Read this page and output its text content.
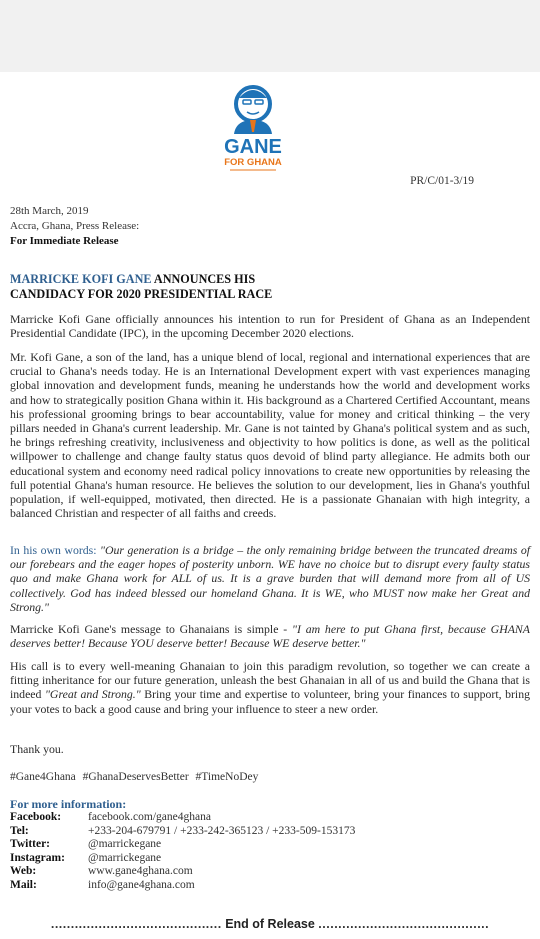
GANE
FOR GHANA
PR/C/01-3/19
28th March, 2019
Accra, Ghana, Press Release:
For Immediate Release
MARRICKE KOFI GANE ANNOUNCES HIS
CANDIDACY FOR 2020 PRESIDENTIAL RACE
Marricke Kofi Gane officially announces his intention to run for President of Ghana as an Independent Presidential Candidate (IPC), in the upcoming December 2020 elections.
Mr. Kofi Gane, a son of the land, has a unique blend of local, regional and international experiences that are crucial to Ghana's needs today. He is an International Development expert with vast experiences managing global innovation and development funds, meaning he understands how the world and development works and how to strategically position Ghana within it. His background as a Chartered Certified Accountant, means his professional grooming brings to bear accountability, value for money and critical thinking – the very pillars needed in Ghana's current leadership. Mr. Gane is not tainted by Ghana's political system and as such, he brings refreshing creativity, inclusiveness and objectivity to how politics is done, as well as the political willpower to challenge and change faulty status quos devoid of blind party allegiance. He admits both our educational system and economy need radical policy innovations to create new opportunities by releasing the full potential Ghana's human resource. He believes the solution to our development, lies in Ghana's youthful population, if well-equipped, motivated, then directed. He is a passionate Ghanaian with high integrity, a balanced Christian and respecter of all faiths and creeds.
In his own words: "Our generation is a bridge – the only remaining bridge between the truncated dreams of our forebears and the eager hopes of posterity unborn. WE have no choice but to disrupt every faulty status quo and make Ghana work for ALL of us. It is a grave burden that will demand more from all of US collectively. God has indeed blessed our homeland Ghana. It is WE, who MUST now make her Great and Strong."
Marricke Kofi Gane's message to Ghanaians is simple - "I am here to put Ghana first, because GHANA deserves better! Because YOU deserve better! Because WE deserve better."
His call is to every well-meaning Ghanaian to join this paradigm revolution, so together we can create a fitting inheritance for our future generation, unleash the best Ghanaian in all of us and build the Ghana that is indeed "Great and Strong." Bring your time and expertise to volunteer, bring your finances to support, bring your votes to back a good cause and bring your influence to steer a new order.
Thank you.
#Gane4Ghana #GhanaDeservesBetter #TimeNoDey
For more information:
Facebook:	facebook.com/gane4ghana
Tel:	+233-204-679791 / +233-242-365123 / +233-509-153173
Twitter:	@marrickegane
Instagram:	@marrickegane
Web:	www.gane4ghana.com
Mail:	info@gane4ghana.com
........................................... End of Release ...........................................
